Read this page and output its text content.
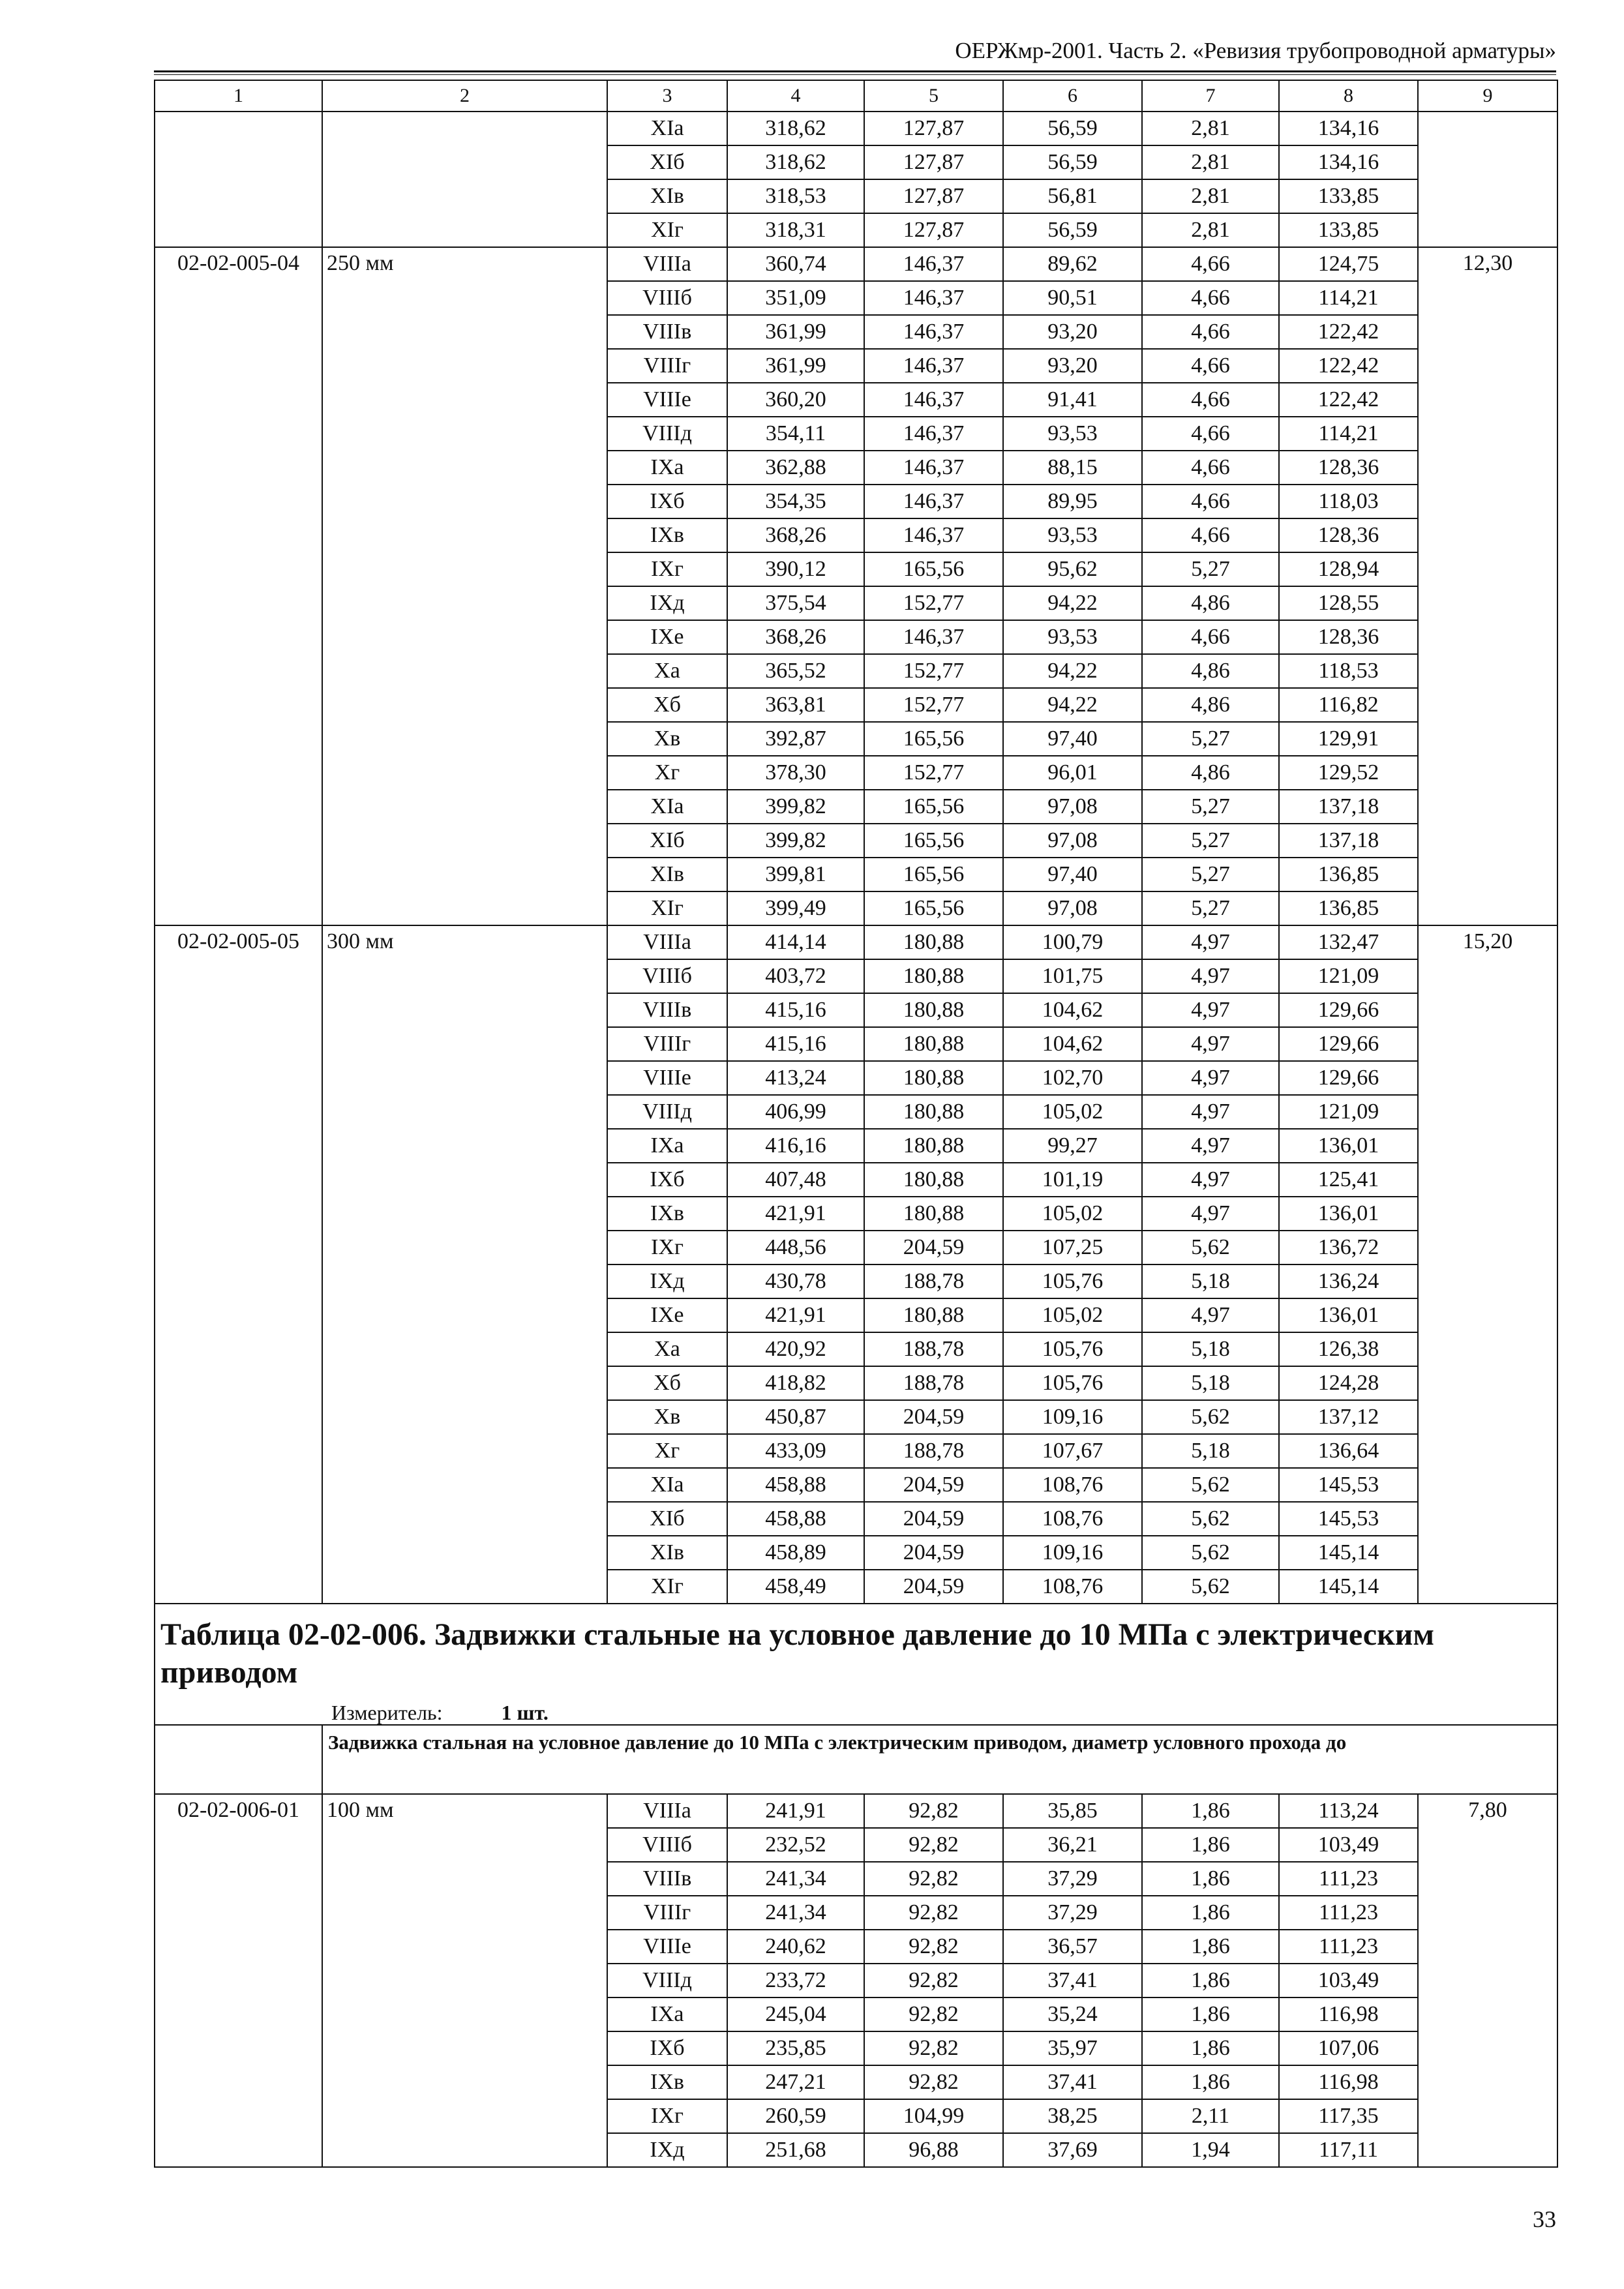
ОЕРЖмр-2001. Часть 2. «Ревизия трубопроводной арматуры»
1	2	3	4	5	6	7	8	9
		XIа	318,62	127,87	56,59	2,81	134,16	
		XIб	318,62	127,87	56,59	2,81	134,16	
		XIв	318,53	127,87	56,81	2,81	133,85	
		XIг	318,31	127,87	56,59	2,81	133,85	
02-02-005-04	250 мм	VIIIа	360,74	146,37	89,62	4,66	124,75	12,30
		VIIIб	351,09	146,37	90,51	4,66	114,21	
		VIIIв	361,99	146,37	93,20	4,66	122,42	
		VIIIг	361,99	146,37	93,20	4,66	122,42	
		VIIIе	360,20	146,37	91,41	4,66	122,42	
		VIIIд	354,11	146,37	93,53	4,66	114,21	
		IXа	362,88	146,37	88,15	4,66	128,36	
		IXб	354,35	146,37	89,95	4,66	118,03	
		IXв	368,26	146,37	93,53	4,66	128,36	
		IXг	390,12	165,56	95,62	5,27	128,94	
		IXд	375,54	152,77	94,22	4,86	128,55	
		IXе	368,26	146,37	93,53	4,66	128,36	
		Xа	365,52	152,77	94,22	4,86	118,53	
		Xб	363,81	152,77	94,22	4,86	116,82	
		Xв	392,87	165,56	97,40	5,27	129,91	
		Xг	378,30	152,77	96,01	4,86	129,52	
		XIа	399,82	165,56	97,08	5,27	137,18	
		XIб	399,82	165,56	97,08	5,27	137,18	
		XIв	399,81	165,56	97,40	5,27	136,85	
		XIг	399,49	165,56	97,08	5,27	136,85	
02-02-005-05	300 мм	VIIIа	414,14	180,88	100,79	4,97	132,47	15,20
		VIIIб	403,72	180,88	101,75	4,97	121,09	
		VIIIв	415,16	180,88	104,62	4,97	129,66	
		VIIIг	415,16	180,88	104,62	4,97	129,66	
		VIIIе	413,24	180,88	102,70	4,97	129,66	
		VIIIд	406,99	180,88	105,02	4,97	121,09	
		IXа	416,16	180,88	99,27	4,97	136,01	
		IXб	407,48	180,88	101,19	4,97	125,41	
		IXв	421,91	180,88	105,02	4,97	136,01	
		IXг	448,56	204,59	107,25	5,62	136,72	
		IXд	430,78	188,78	105,76	5,18	136,24	
		IXе	421,91	180,88	105,02	4,97	136,01	
		Xа	420,92	188,78	105,76	5,18	126,38	
		Xб	418,82	188,78	105,76	5,18	124,28	
		Xв	450,87	204,59	109,16	5,62	137,12	
		Xг	433,09	188,78	107,67	5,18	136,64	
		XIа	458,88	204,59	108,76	5,62	145,53	
		XIб	458,88	204,59	108,76	5,62	145,53	
		XIв	458,89	204,59	109,16	5,62	145,14	
		XIг	458,49	204,59	108,76	5,62	145,14	

Таблица 02-02-006. Задвижки стальные на условное давление до 10 МПа с электрическим приводом
Измеритель: 1 шт.								

	Задвижка стальная на условное давление до 10 МПа с электрическим приводом, диаметр условного прохода до							
02-02-006-01	100 мм	VIIIа	241,91	92,82	35,85	1,86	113,24	7,80
		VIIIб	232,52	92,82	36,21	1,86	103,49	
		VIIIв	241,34	92,82	37,29	1,86	111,23	
		VIIIг	241,34	92,82	37,29	1,86	111,23	
		VIIIе	240,62	92,82	36,57	1,86	111,23	
		VIIIд	233,72	92,82	37,41	1,86	103,49	
		IXа	245,04	92,82	35,24	1,86	116,98	
		IXб	235,85	92,82	35,97	1,86	107,06	
		IXв	247,21	92,82	37,41	1,86	116,98	
		IXг	260,59	104,99	38,25	2,11	117,35	
		IXд	251,68	96,88	37,69	1,94	117,11	
33
